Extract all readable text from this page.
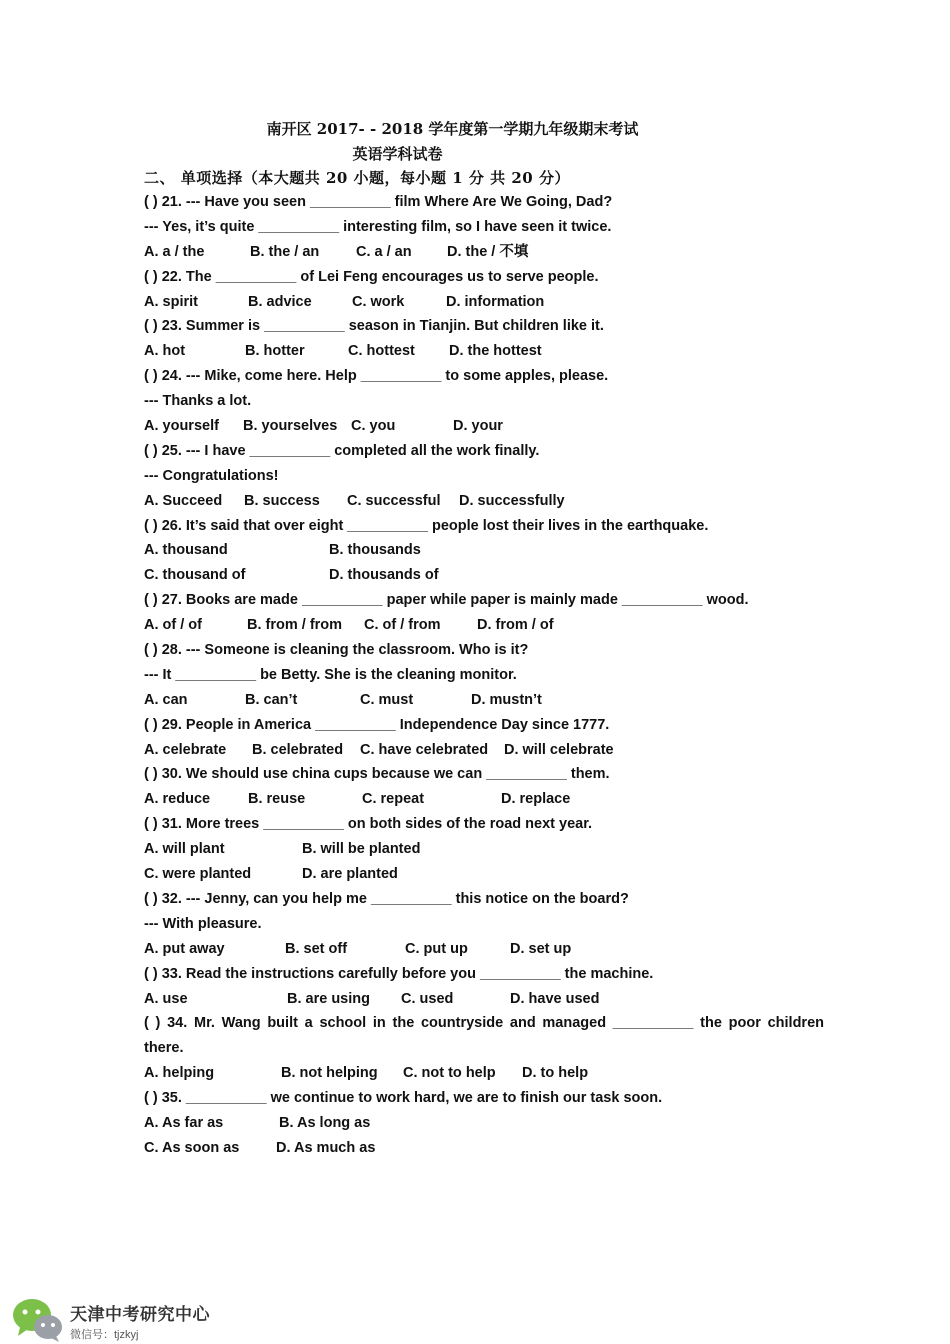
南开区 2017- - 2018 学年度第一学期九年级期末考试
英语学科试卷
二、 单项选择（本大题共 20 小题，每小题 1 分 共 20 分）
( ) 21. --- Have you seen __________ film Where Are We Going, Dad?
--- Yes, it’s quite __________ interesting film, so I have seen it twice.
A. a / the	B. the / an	C. a / an	D. the / 不填
( ) 22. The __________ of Lei Feng encourages us to serve people.
A. spirit	B. advice	C. work	D. information
( ) 23. Summer is __________ season in Tianjin. But children like it.
A. hot	B. hotter	C. hottest	D. the hottest
( ) 24. --- Mike, come here. Help __________ to some apples, please.
--- Thanks a lot.
A. yourself	B. yourselves C. you	D. your
( ) 25. --- I have __________ completed all the work finally.
--- Congratulations!
A. Succeed	B. success	C. successful	D. successfully
( ) 26. It’s said that over eight __________ people lost their lives in the earthquake.
A. thousand	B. thousands
C. thousand of	D. thousands of
( ) 27. Books are made __________ paper while paper is mainly made __________ wood.
A. of / of	B. from / from	C. of / from	D. from / of
( ) 28. --- Someone is cleaning the classroom. Who is it?
--- It __________ be Betty. She is the cleaning monitor.
A. can	B. can’t	C. must	D. mustn’t
( ) 29. People in America __________ Independence Day since 1777.
A. celebrate	B. celebrated	C. have celebrated	D. will celebrate
( ) 30. We should use china cups because we can __________ them.
A. reduce	B. reuse	C. repeat	D. replace
( ) 31. More trees __________ on both sides of the road next year.
A. will plant	B. will be planted
C. were planted	D. are planted
( ) 32. --- Jenny, can you help me __________ this notice on the board?
--- With pleasure.
A. put away	B. set off	C. put up	D. set up
( ) 33. Read the instructions carefully before you __________ the machine.
A. use	B. are using	C. used	D. have used
( ) 34. Mr. Wang built a school in the countryside and managed __________ the poor children there.
A. helping	B. not helping	C. not to help	D. to help
( ) 35. __________ we continue to work hard, we are to finish our task soon.
A. As far as	B. As long as
C. As soon as	D. As much as
天津中考研究中心
微信号：tjzkyj
